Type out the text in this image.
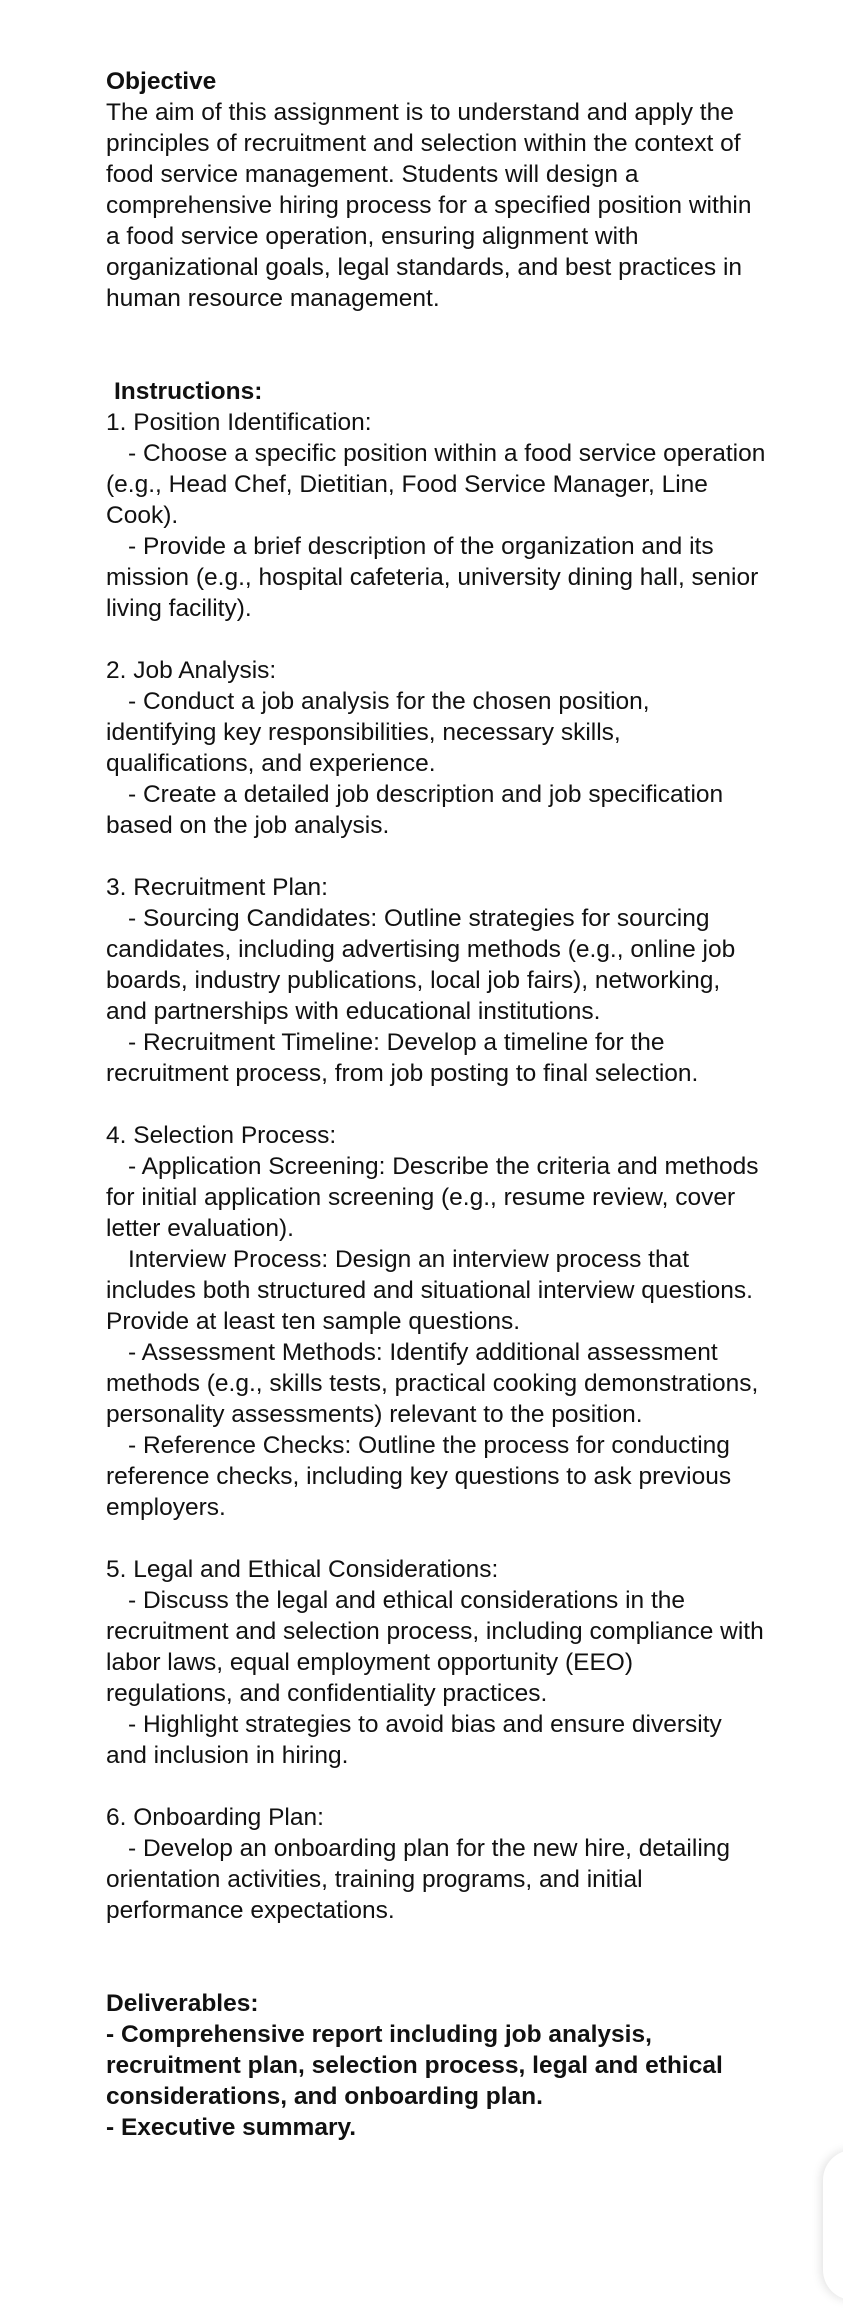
Objective

The aim of this assignment is to understand and apply the principles of recruitment and selection within the context of food service management. Students will design a comprehensive hiring process for a specified position within a food service operation, ensuring alignment with organizational goals, legal standards, and best practices in human resource management.

Instructions:

1. Position Identification:

- Choose a specific position within a food service operation (e.g., Head Chef, Dietitian, Food Service Manager, Line Cook).

- Provide a brief description of the organization and its mission (e.g., hospital cafeteria, university dining hall, senior living facility).

2. Job Analysis:

- Conduct a job analysis for the chosen position, identifying key responsibilities, necessary skills, qualifications, and experience.

- Create a detailed job description and job specification based on the job analysis.

3. Recruitment Plan:

- Sourcing Candidates: Outline strategies for sourcing candidates, including advertising methods (e.g., online job boards, industry publications, local job fairs), networking, and partnerships with educational institutions.

- Recruitment Timeline: Develop a timeline for the recruitment process, from job posting to final selection.

4. Selection Process:

- Application Screening: Describe the criteria and methods for initial application screening (e.g., resume review, cover letter evaluation).

Interview Process: Design an interview process that includes both structured and situational interview questions. Provide at least ten sample questions.

- Assessment Methods: Identify additional assessment methods (e.g., skills tests, practical cooking demonstrations, personality assessments) relevant to the position.

- Reference Checks: Outline the process for conducting reference checks, including key questions to ask previous employers.

5. Legal and Ethical Considerations:

- Discuss the legal and ethical considerations in the recruitment and selection process, including compliance with labor laws, equal employment opportunity (EEO) regulations, and confidentiality practices.

- Highlight strategies to avoid bias and ensure diversity and inclusion in hiring.

6. Onboarding Plan:

- Develop an onboarding plan for the new hire, detailing orientation activities, training programs, and initial performance expectations.

Deliverables:

- Comprehensive report including job analysis, recruitment plan, selection process, legal and ethical considerations, and onboarding plan.

- Executive summary.
